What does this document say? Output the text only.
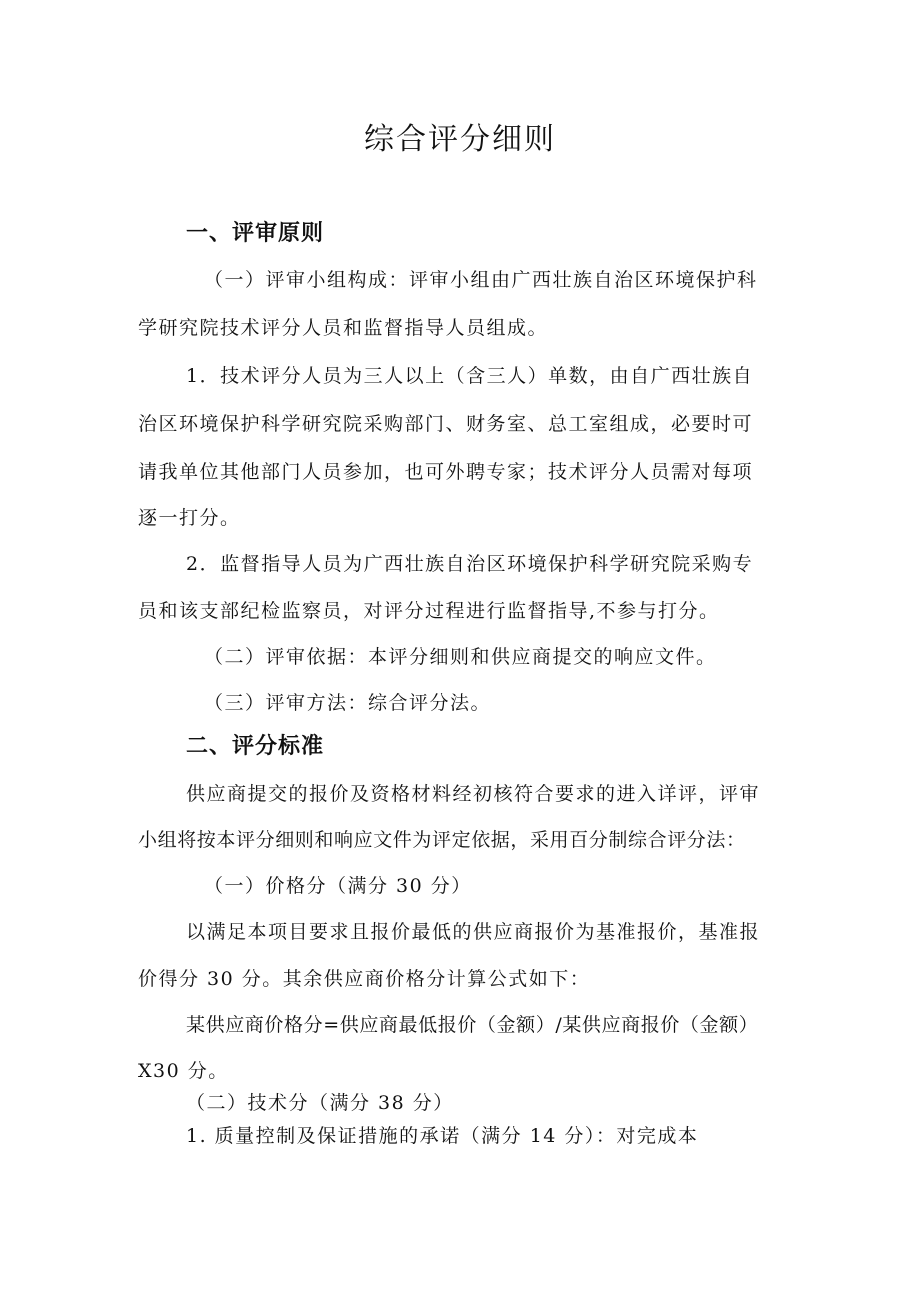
综合评分细则
一、评审原则
（一）评审小组构成：评审小组由广西壮族自治区环境保护科
学研究院技术评分人员和监督指导人员组成。
1．技术评分人员为三人以上（含三人）单数，由自广西壮族自
治区环境保护科学研究院采购部门、财务室、总工室组成，必要时可
请我单位其他部门人员参加，也可外聘专家；技术评分人员需对每项
逐一打分。
2．监督指导人员为广西壮族自治区环境保护科学研究院采购专
员和该支部纪检监察员，对评分过程进行监督指导,不参与打分。
（二）评审依据：本评分细则和供应商提交的响应文件。
（三）评审方法：综合评分法。
二、评分标准
供应商提交的报价及资格材料经初核符合要求的进入详评，评审
小组将按本评分细则和响应文件为评定依据，采用百分制综合评分法：
（一）价格分（满分 30 分）
以满足本项目要求且报价最低的供应商报价为基准报价，基准报
价得分 30 分。其余供应商价格分计算公式如下：
某供应商价格分=供应商最低报价（金额）/某供应商报价（金额）
X30 分。
（二）技术分（满分 38 分）
1. 质量控制及保证措施的承诺（满分 14 分）：对完成本
